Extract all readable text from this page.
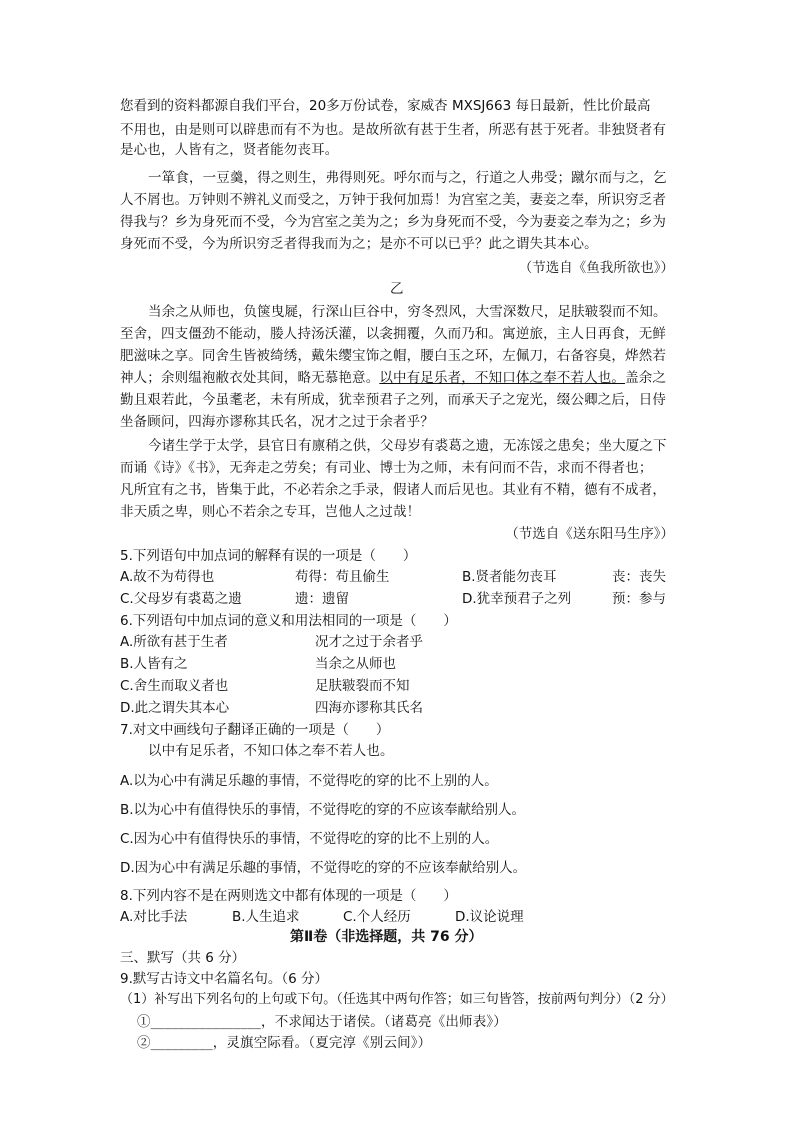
您看到的资料都源自我们平台，20多万份试卷，家威杏 MXSJ663 每日最新，性比价最高
不用也，由是则可以辟患而有不为也。是故所欲有甚于生者，所恶有甚于死者。非独贤者有
是心也，人皆有之，贤者能勿丧耳。
一箪食，一豆羹，得之则生，弗得则死。呼尔而与之，行道之人弗受；蹴尔而与之，乞
人不屑也。万钟则不辨礼义而受之，万钟于我何加焉！为宫室之美，妻妾之奉，所识穷乏者
得我与？乡为身死而不受，今为宫室之美为之；乡为身死而不受，今为妻妾之奉为之；乡为
身死而不受，今为所识穷乏者得我而为之；是亦不可以已乎？此之谓失其本心。
（节选自《鱼我所欲也》）
乙
当余之从师也，负箧曳屣，行深山巨谷中，穷冬烈风，大雪深数尺，足肤皲裂而不知。
至舍，四支僵劲不能动，媵人持汤沃灌，以衾拥覆，久而乃和。寓逆旅，主人日再食，无鲜
肥滋味之享。同舍生皆被绮绣，戴朱缨宝饰之帽，腰白玉之环，左佩刀，右备容臭，烨然若
神人；余则缊袍敝衣处其间，略无慕艳意。以中有足乐者，不知口体之奉不若人也。盖余之
勤且艰若此，今虽耄老，未有所成，犹幸预君子之列，而承天子之宠光，缀公卿之后，日侍
坐备顾问，四海亦谬称其氏名，况才之过于余者乎？
今诸生学于太学，县官日有廪稍之供，父母岁有裘葛之遗，无冻馁之患矣；坐大厦之下
而诵《诗》《书》，无奔走之劳矣；有司业、博士为之师，未有问而不告，求而不得者也；
凡所宜有之书，皆集于此，不必若余之手录，假诸人而后见也。其业有不精，德有不成者，
非天质之卑，则心不若余之专耳，岂他人之过哉！
（节选自《送东阳马生序》）
5.下列语句中加点词的解释有误的一项是（　　）
A.故不为苟得也	苟得：苟且偷生	B.贤者能勿丧耳	丧：丧失
C.父母岁有裘葛之遗	遗：遗留	D.犹幸预君子之列	预：参与
6.下列语句中加点词的意义和用法相同的一项是（　　）
A.所欲有甚于生者	况才之过于余者乎
B.人皆有之	当余之从师也
C.舍生而取义者也	足肤皲裂而不知
D.此之谓失其本心	四海亦谬称其氏名
7.对文中画线句子翻译正确的一项是（　　）
以中有足乐者，不知口体之奉不若人也。
A.以为心中有满足乐趣的事情，不觉得吃的穿的比不上别的人。
B.以为心中有值得快乐的事情，不觉得吃的穿的不应该奉献给别人。
C.因为心中有值得快乐的事情，不觉得吃的穿的比不上别的人。
D.因为心中有满足乐趣的事情，不觉得吃的穿的不应该奉献给别人。
8.下列内容不是在两则选文中都有体现的一项是（　　）
A.对比手法	B.人生追求	C.个人经历	D.议论说理
第Ⅱ卷（非选择题，共 76 分）
三、默写（共 6 分）
9.默写古诗文中名篇名句。（6 分）
（1）补写出下列名句的上句或下句。（任选其中两句作答；如三句皆答，按前两句判分）（2 分）
①________________，不求闻达于诸侯。（诸葛亮《出师表》）
②_________，灵旗空际看。（夏完淳《别云间》）
